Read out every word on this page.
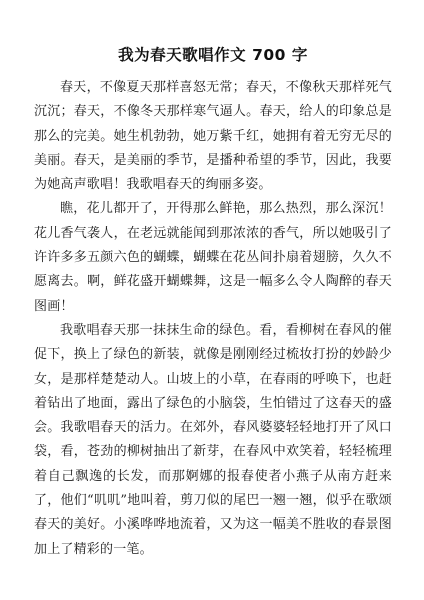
我为春天歌唱作文 700 字

春天，不像夏天那样喜怒无常；春天，不像秋天那样死气沉沉；春天，不像冬天那样寒气逼人。春天，给人的印象总是那么的完美。她生机勃勃，她万紫千红，她拥有着无穷无尽的美丽。春天，是美丽的季节，是播种希望的季节，因此，我要为她高声歌唱！我歌唱春天的绚丽多姿。

瞧，花儿都开了，开得那么鲜艳，那么热烈，那么深沉！花儿香气袭人，在老远就能闻到那浓浓的香气，所以她吸引了许许多多五颜六色的蝴蝶，蝴蝶在花丛间扑扇着翅膀，久久不愿离去。啊，鲜花盛开蝴蝶舞，这是一幅多么令人陶醉的春天图画！

我歌唱春天那一抹抹生命的绿色。看，看柳树在春风的催促下，换上了绿色的新装，就像是刚刚经过梳妆打扮的妙龄少女，是那样楚楚动人。山坡上的小草，在春雨的呼唤下，也赶着钻出了地面，露出了绿色的小脑袋，生怕错过了这春天的盛会。我歌唱春天的活力。在郊外，春风婆婆轻轻地打开了风口袋，看，苍劲的柳树抽出了新芽，在春风中欢笑着，轻轻梳理着自己飘逸的长发，而那婀娜的报春使者小燕子从南方赶来了，他们“叽叽”地叫着，剪刀似的尾巴一翘一翘，似乎在歌颂春天的美好。小溪哗哗地流着，又为这一幅美不胜收的春景图加上了精彩的一笔。
